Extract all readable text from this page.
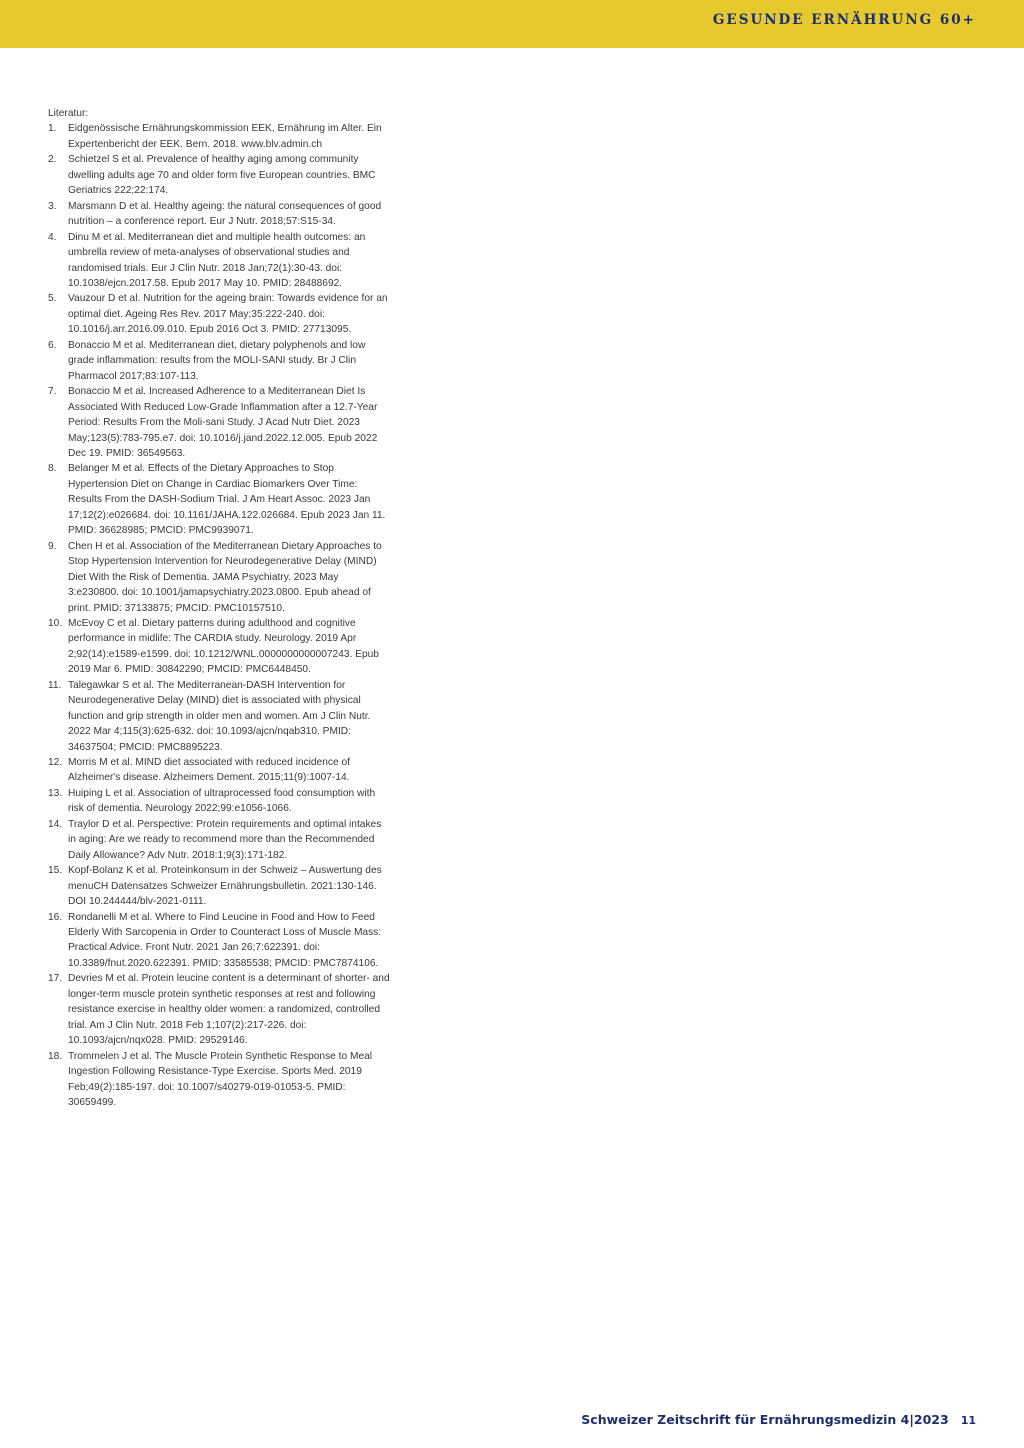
GESUNDE ERNÄHRUNG 60+
Literatur:
1. Eidgenössische Ernährungskommission EEK, Ernährung im Alter. Ein Expertenbericht der EEK. Bern. 2018. www.blv.admin.ch
2. Schietzel S et al. Prevalence of healthy aging among community dwelling adults age 70 and older form five European countries. BMC Geriatrics 222;22:174.
3. Marsmann D et al. Healthy ageing: the natural consequences of good nutrition – a conference report. Eur J Nutr. 2018;57:S15-34.
4. Dinu M et al. Mediterranean diet and multiple health outcomes: an umbrella review of meta-analyses of observational studies and randomised trials. Eur J Clin Nutr. 2018 Jan;72(1):30-43. doi: 10.1038/ejcn.2017.58. Epub 2017 May 10. PMID: 28488692.
5. Vauzour D et al. Nutrition for the ageing brain: Towards evidence for an optimal diet. Ageing Res Rev. 2017 May;35:222-240. doi: 10.1016/j.arr.2016.09.010. Epub 2016 Oct 3. PMID: 27713095.
6. Bonaccio M et al. Mediterranean diet, dietary polyphenols and low grade inflammation: results from the MOLI-SANI study. Br J Clin Pharmacol 2017;83:107-113.
7. Bonaccio M et al. Increased Adherence to a Mediterranean Diet Is Associated With Reduced Low-Grade Inflammation after a 12.7-Year Period: Results From the Moli-sani Study. J Acad Nutr Diet. 2023 May;123(5):783-795.e7. doi: 10.1016/j.jand.2022.12.005. Epub 2022 Dec 19. PMID: 36549563.
8. Belanger M et al. Effects of the Dietary Approaches to Stop Hypertension Diet on Change in Cardiac Biomarkers Over Time: Results From the DASH-Sodium Trial. J Am Heart Assoc. 2023 Jan 17;12(2):e026684. doi: 10.1161/JAHA.122.026684. Epub 2023 Jan 11. PMID: 36628985; PMCID: PMC9939071.
9. Chen H et al. Association of the Mediterranean Dietary Approaches to Stop Hypertension Intervention for Neurodegenerative Delay (MIND) Diet With the Risk of Dementia. JAMA Psychiatry. 2023 May 3:e230800. doi: 10.1001/jamapsychiatry.2023.0800. Epub ahead of print. PMID: 37133875; PMCID: PMC10157510.
10. McEvoy C et al. Dietary patterns during adulthood and cognitive performance in midlife: The CARDIA study. Neurology. 2019 Apr 2;92(14):e1589-e1599. doi: 10.1212/WNL.0000000000007243. Epub 2019 Mar 6. PMID: 30842290; PMCID: PMC6448450.
11. Talegawkar S et al. The Mediterranean-DASH Intervention for Neurodegenerative Delay (MIND) diet is associated with physical function and grip strength in older men and women. Am J Clin Nutr. 2022 Mar 4;115(3):625-632. doi: 10.1093/ajcn/nqab310. PMID: 34637504; PMCID: PMC8895223.
12. Morris M et al. MIND diet associated with reduced incidence of Alzheimer's disease. Alzheimers Dement. 2015;11(9):1007-14.
13. Huiping L et al. Association of ultraprocessed food consumption with risk of dementia. Neurology 2022;99:e1056-1066.
14. Traylor D et al. Perspective: Protein requirements and optimal intakes in aging: Are we ready to recommend more than the Recommended Daily Allowance? Adv Nutr. 2018:1;9(3):171-182.
15. Kopf-Bolanz K et al. Proteinkonsum in der Schweiz – Auswertung des menuCH Datensatzes Schweizer Ernährungsbulletin. 2021:130-146. DOI 10.244444/blv-2021-0111.
16. Rondanelli M et al. Where to Find Leucine in Food and How to Feed Elderly With Sarcopenia in Order to Counteract Loss of Muscle Mass: Practical Advice. Front Nutr. 2021 Jan 26;7:622391. doi: 10.3389/fnut.2020.622391. PMID: 33585538; PMCID: PMC7874106.
17. Devries M et al. Protein leucine content is a determinant of shorter- and longer-term muscle protein synthetic responses at rest and following resistance exercise in healthy older women: a randomized, controlled trial. Am J Clin Nutr. 2018 Feb 1;107(2):217-226. doi: 10.1093/ajcn/nqx028. PMID: 29529146.
18. Trommelen J et al. The Muscle Protein Synthetic Response to Meal Ingestion Following Resistance-Type Exercise. Sports Med. 2019 Feb;49(2):185-197. doi: 10.1007/s40279-019-01053-5. PMID: 30659499.
Schweizer Zeitschrift für Ernährungsmedizin 4|2023 11
